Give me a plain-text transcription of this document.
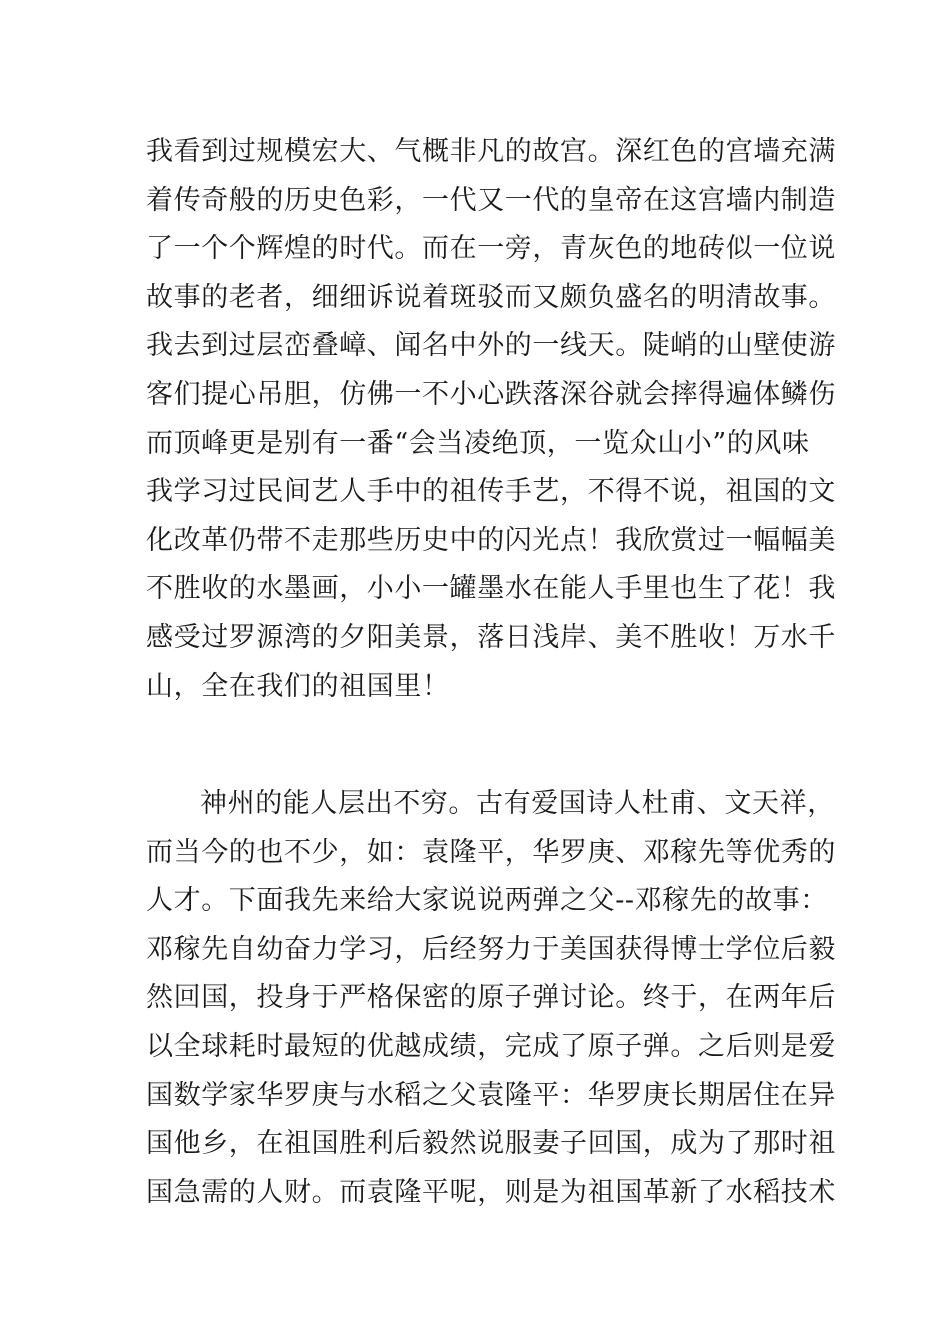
我看到过规模宏大、气概非凡的故宫。深红色的宫墙充满
着传奇般的历史色彩，一代又一代的皇帝在这宫墙内制造
了一个个辉煌的时代。而在一旁，青灰色的地砖似一位说
故事的老者，细细诉说着斑驳而又颇负盛名的明清故事。
我去到过层峦叠嶂、闻名中外的一线天。陡峭的山壁使游
客们提心吊胆，仿佛一不小心跌落深谷就会摔得遍体鳞伤
而顶峰更是别有一番“会当凌绝顶，一览众山小”的风味
我学习过民间艺人手中的祖传手艺，不得不说，祖国的文
化改革仍带不走那些历史中的闪光点！我欣赏过一幅幅美
不胜收的水墨画，小小一罐墨水在能人手里也生了花！我
感受过罗源湾的夕阳美景，落日浅岸、美不胜收！万水千
山，全在我们的祖国里！
神州的能人层出不穷。古有爱国诗人杜甫、文天祥，
而当今的也不少，如：袁隆平，华罗庚、邓稼先等优秀的
人才。下面我先来给大家说说两弹之父--邓稼先的故事：
邓稼先自幼奋力学习，后经努力于美国获得博士学位后毅
然回国，投身于严格保密的原子弹讨论。终于，在两年后
以全球耗时最短的优越成绩，完成了原子弹。之后则是爱
国数学家华罗庚与水稻之父袁隆平：华罗庚长期居住在异
国他乡，在祖国胜利后毅然说服妻子回国，成为了那时祖
国急需的人财。而袁隆平呢，则是为祖国革新了水稻技术
